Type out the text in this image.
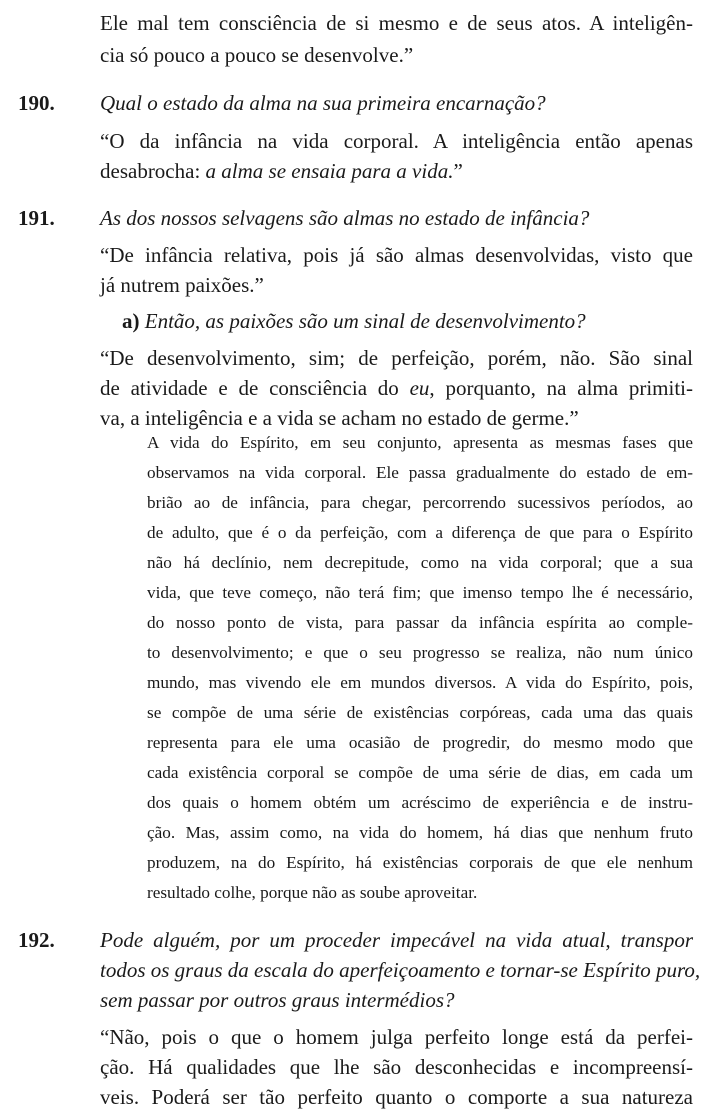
Ele mal tem consciência de si mesmo e de seus atos. A inteligên-
cia só pouco a pouco se desenvolve.”
190. Qual o estado da alma na sua primeira encarnação?
“O da infância na vida corporal. A inteligência então apenas
desabrocha: a alma se ensaia para a vida.”
191. As dos nossos selvagens são almas no estado de infância?
“De infância relativa, pois já são almas desenvolvidas, visto que
já nutrem paixões.”
a) Então, as paixões são um sinal de desenvolvimento?
“De desenvolvimento, sim; de perfeição, porém, não. São sinal
de atividade e de consciência do eu, porquanto, na alma primiti-
va, a inteligência e a vida se acham no estado de germe.”
A vida do Espírito, em seu conjunto, apresenta as mesmas fases que
observamos na vida corporal. Ele passa gradualmente do estado de em-
brião ao de infância, para chegar, percorrendo sucessivos períodos, ao
de adulto, que é o da perfeição, com a diferença de que para o Espírito
não há declínio, nem decrepitude, como na vida corporal; que a sua
vida, que teve começo, não terá fim; que imenso tempo lhe é necessário,
do nosso ponto de vista, para passar da infância espírita ao comple-
to desenvolvimento; e que o seu progresso se realiza, não num único
mundo, mas vivendo ele em mundos diversos. A vida do Espírito, pois,
se compõe de uma série de existências corpóreas, cada uma das quais
representa para ele uma ocasião de progredir, do mesmo modo que
cada existência corporal se compõe de uma série de dias, em cada um
dos quais o homem obtém um acréscimo de experiência e de instru-
ção. Mas, assim como, na vida do homem, há dias que nenhum fruto
produzem, na do Espírito, há existências corporais de que ele nenhum
resultado colhe, porque não as soube aproveitar.
192. Pode alguém, por um proceder impecável na vida atual, transpor
todos os graus da escala do aperfeiçoamento e tornar-se Espírito puro,
sem passar por outros graus intermédios?
“Não, pois o que o homem julga perfeito longe está da perfei-
ção. Há qualidades que lhe são desconhecidas e incompreensí-
veis. Poderá ser tão perfeito quanto o comporte a sua natureza
